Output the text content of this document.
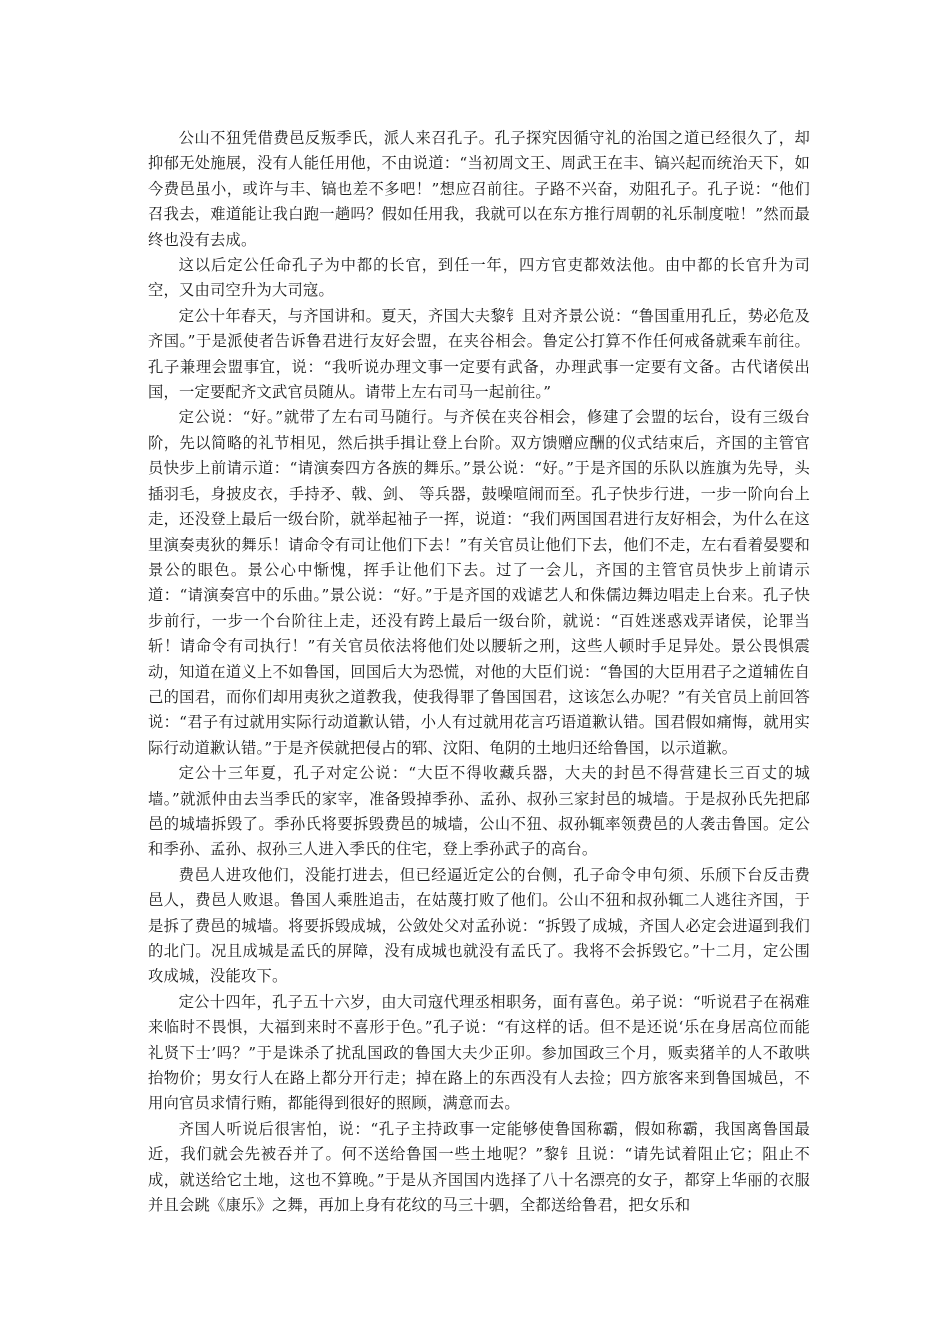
公山不狃凭借费邑反叛季氏，派人来召孔子。孔子探究因循守礼的治国之道已经很久了，却抑郁无处施展，没有人能任用他，不由说道：“当初周文王、周武王在丰、镐兴起而统治天下，如今费邑虽小，或许与丰、镐也差不多吧！”想应召前往。子路不兴奋，劝阻孔子。孔子说：“他们召我去，难道能让我白跑一趟吗？假如任用我，我就可以在东方推行周朝的礼乐制度啦！”然而最终也没有去成。

这以后定公任命孔子为中都的长官，到任一年，四方官吏都效法他。由中都的长官升为司空，又由司空升为大司寇。

定公十年春天，与齐国讲和。夏天，齐国大夫黎钅且对齐景公说：“鲁国重用孔丘，势必危及齐国。”于是派使者告诉鲁君进行友好会盟，在夹谷相会。鲁定公打算不作任何戒备就乘车前往。孔子兼理会盟事宜，说：“我听说办理文事一定要有武备，办理武事一定要有文备。古代诸侯出国，一定要配齐文武官员随从。请带上左右司马一起前往。”

定公说：“好。”就带了左右司马随行。与齐侯在夹谷相会，修建了会盟的坛台，设有三级台阶，先以简略的礼节相见，然后拱手揖让登上台阶。双方馈赠应酬的仪式结束后，齐国的主管官员快步上前请示道：“请演奏四方各族的舞乐。”景公说：“好。”于是齐国的乐队以旌旗为先导，头插羽毛，身披皮衣，手持矛、戟、剑、 等兵器，鼓噪喧闹而至。孔子快步行进，一步一阶向台上走，还没登上最后一级台阶，就举起袖子一挥，说道：“我们两国国君进行友好相会，为什么在这里演奏夷狄的舞乐！请命令有司让他们下去！”有关官员让他们下去，他们不走，左右看着晏婴和景公的眼色。景公心中惭愧，挥手让他们下去。过了一会儿，齐国的主管官员快步上前请示道：“请演奏宫中的乐曲。”景公说：“好。”于是齐国的戏谑艺人和侏儒边舞边唱走上台来。孔子快步前行，一步一个台阶往上走，还没有跨上最后一级台阶，就说：“百姓迷惑戏弄诸侯，论罪当斩！请命令有司执行！”有关官员依法将他们处以腰斩之刑，这些人顿时手足异处。景公畏惧震动，知道在道义上不如鲁国，回国后大为恐慌，对他的大臣们说：“鲁国的大臣用君子之道辅佐自己的国君，而你们却用夷狄之道教我，使我得罪了鲁国国君，这该怎么办呢？”有关官员上前回答说：“君子有过就用实际行动道歉认错，小人有过就用花言巧语道歉认错。国君假如痛悔，就用实际行动道歉认错。”于是齐侯就把侵占的郓、汶阳、龟阴的土地归还给鲁国，以示道歉。

定公十三年夏，孔子对定公说：“大臣不得收藏兵器，大夫的封邑不得营建长三百丈的城墙。”就派仲由去当季氏的家宰，准备毁掉季孙、孟孙、叔孙三家封邑的城墙。于是叔孙氏先把郈邑的城墙拆毁了。季孙氏将要拆毁费邑的城墙，公山不狃、叔孙辄率领费邑的人袭击鲁国。定公和季孙、孟孙、叔孙三人进入季氏的住宅，登上季孙武子的高台。

费邑人进攻他们，没能打进去，但已经逼近定公的台侧，孔子命令申句须、乐颀下台反击费邑人，费邑人败退。鲁国人乘胜追击，在姑蔑打败了他们。公山不狃和叔孙辄二人逃往齐国，于是拆了费邑的城墙。将要拆毁成城，公敛处父对孟孙说：“拆毁了成城，齐国人必定会进逼到我们的北门。况且成城是孟氏的屏障，没有成城也就没有孟氏了。我将不会拆毁它。”十二月，定公围攻成城，没能攻下。

定公十四年，孔子五十六岁，由大司寇代理丞相职务，面有喜色。弟子说：“听说君子在祸难来临时不畏惧，大福到来时不喜形于色。”孔子说：“有这样的话。但不是还说‘乐在身居高位而能礼贤下士’吗？”于是诛杀了扰乱国政的鲁国大夫少正卯。参加国政三个月，贩卖猪羊的人不敢哄抬物价；男女行人在路上都分开行走；掉在路上的东西没有人去捡；四方旅客来到鲁国城邑，不用向官员求情行贿，都能得到很好的照顾，满意而去。

齐国人听说后很害怕，说：“孔子主持政事一定能够使鲁国称霸，假如称霸，我国离鲁国最近，我们就会先被吞并了。何不送给鲁国一些土地呢？”黎钅且说：“请先试着阻止它；阻止不成，就送给它土地，这也不算晚。”于是从齐国国内选择了八十名漂亮的女子，都穿上华丽的衣服并且会跳《康乐》之舞，再加上身有花纹的马三十驷，全都送给鲁君，把女乐和
